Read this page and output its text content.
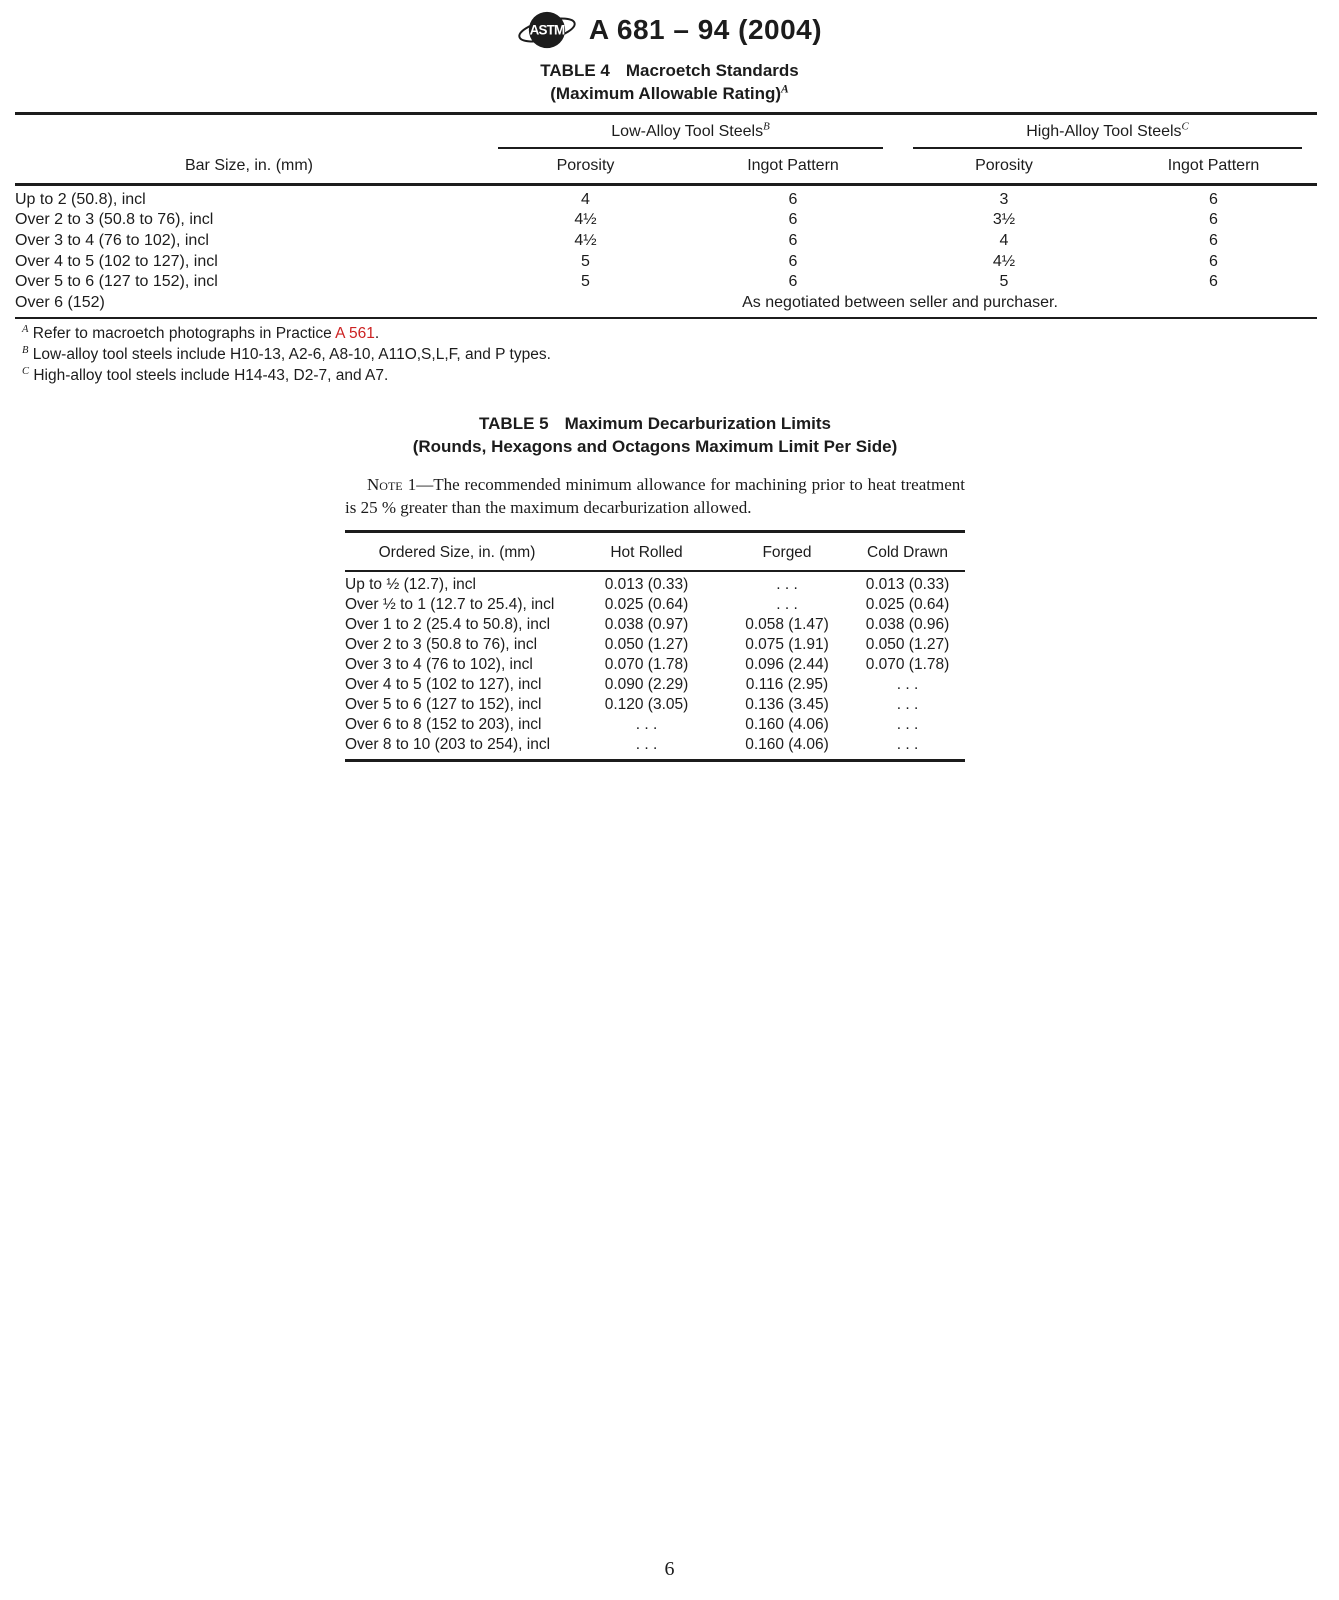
ASTM A 681 – 94 (2004)
TABLE 4 Macroetch Standards
(Maximum Allowable Rating)$^A$
Bar Size, in. (mm)	Low-Alloy Tool Steels$^B$		High-Alloy Tool Steels$^C$

	Porosity	Ingot Pattern	Porosity	Ingot Pattern
Up to 2 (50.8), incl	4	6	3	6
Over 2 to 3 (50.8 to 76), incl	4½	6	3½	6
Over 3 to 4 (76 to 102), incl	4½	6	4	6
Over 4 to 5 (102 to 127), incl	5	6	4½	6
Over 5 to 6 (127 to 152), incl	5	6	5	6
Over 6 (152)	As negotiated between seller and purchaser.			

$^A$ Refer to macroetch photographs in Practice A 561.

$^B$ Low-alloy tool steels include H10-13, A2-6, A8-10, A11O,S,L,F, and P types.

$^C$ High-alloy tool steels include H14-43, D2-7, and A7.

TABLE 5 Maximum Decarburization Limits
(Rounds, Hexagons and Octagons Maximum Limit Per Side)

Note 1—The recommended minimum allowance for machining prior to heat treatment is 25 % greater than the maximum decarburization allowed.

Ordered Size, in. (mm)	Hot Rolled	Forged	Cold Drawn
Up to ½ (12.7), incl	0.013 (0.33)	. . .	0.013 (0.33)
Over ½ to 1 (12.7 to 25.4), incl	0.025 (0.64)	. . .	0.025 (0.64)
Over 1 to 2 (25.4 to 50.8), incl	0.038 (0.97)	0.058 (1.47)	0.038 (0.96)
Over 2 to 3 (50.8 to 76), incl	0.050 (1.27)	0.075 (1.91)	0.050 (1.27)
Over 3 to 4 (76 to 102), incl	0.070 (1.78)	0.096 (2.44)	0.070 (1.78)
Over 4 to 5 (102 to 127), incl	0.090 (2.29)	0.116 (2.95)	. . .
Over 5 to 6 (127 to 152), incl	0.120 (3.05)	0.136 (3.45)	. . .
Over 6 to 8 (152 to 203), incl	. . .	0.160 (4.06)	. . .
Over 8 to 10 (203 to 254), incl	. . .	0.160 (4.06)	. . .
6
